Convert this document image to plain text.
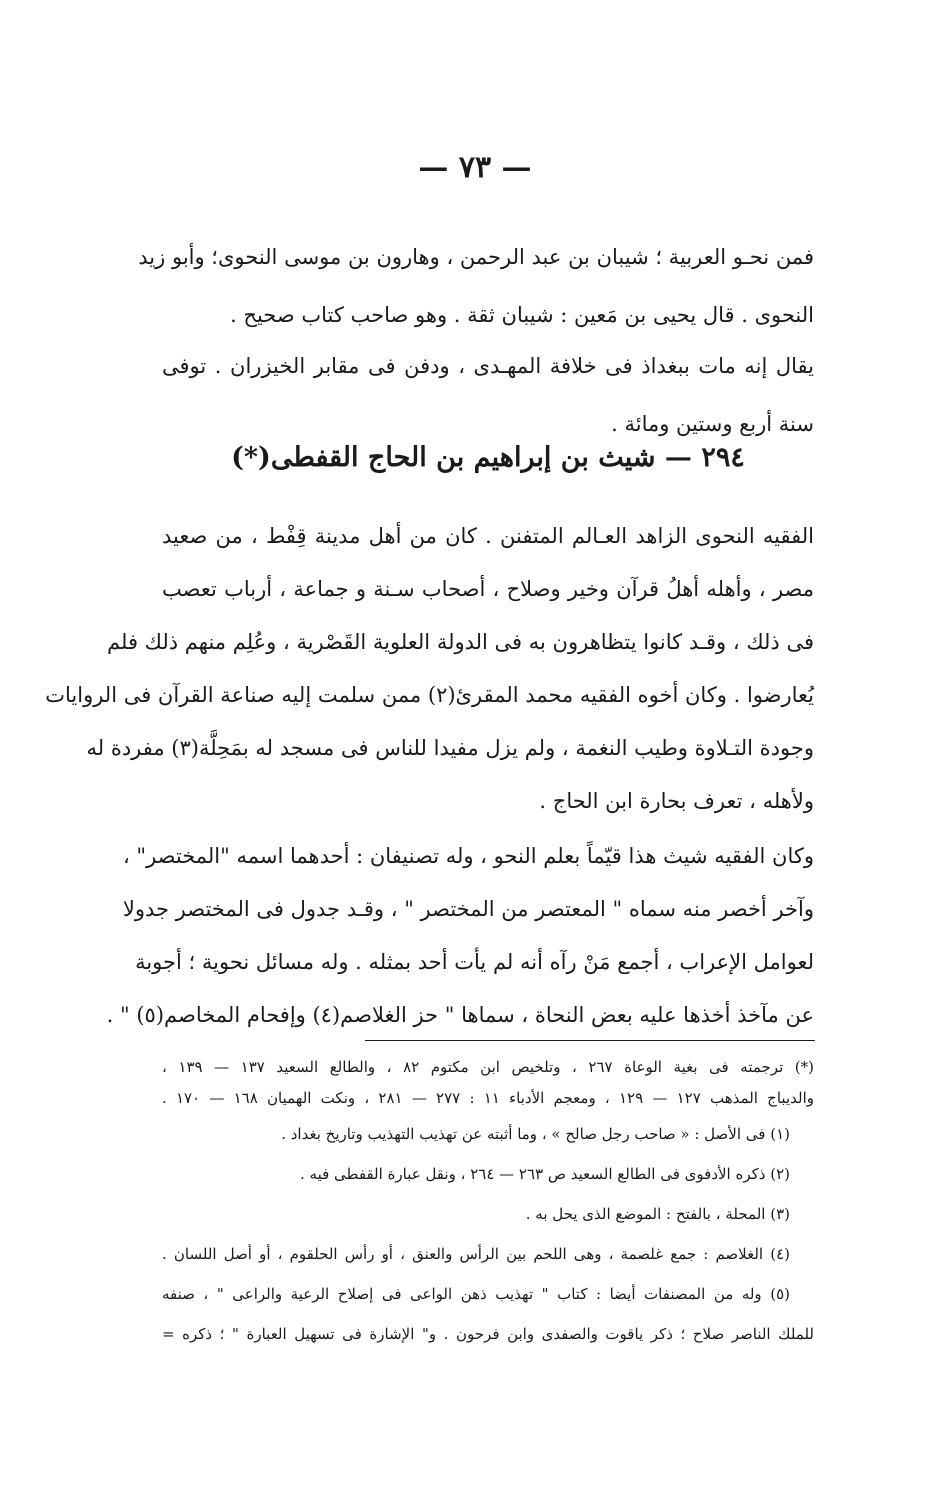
— ٧٣ —
فمن نحـو العربية ؛ شيبان بن عبد الرحمن ، وهارون بن موسى النحوى؛ وأبو زيد
النحوى . قال يحيى بن مَعين : شيبان ثقة . وهو صاحب كتاب صحيح .
يقال إنه مات ببغداذ فى خلافة المهـدى ، ودفن فى مقابر الخيزران . توفى
سنة أربع وستين ومائة .
٢٩٤ — شيث بن إبراهيم بن الحاج القفطى(*)
الفقيه النحوى الزاهد العـالم المتفنن . كان من أهل مدينة قِفْط ، من صعيد
مصر ، وأهله أهلُ قرآن وخير وصلاح ، أصحاب سـنة و جماعة ، أرباب تعصب
فى ذلك ، وقـد كانوا يتظاهرون به فى الدولة العلوية القَصْرية ، وعُلِم منهم ذلك فلم
يُعارضوا . وكان أخوه الفقيه محمد المقرئ(٢) ممن سلمت إليه صناعة القرآن فى الروايات
وجودة التـلاوة وطيب النغمة ، ولم يزل مفيدا للناس فى مسجد له بمَحِلَّة(٣) مفردة له
ولأهله ، تعرف بحارة ابن الحاج .
وكان الفقيه شيث هذا قيّماً بعلم النحو ، وله تصنيفان : أحدهما اسمه "المختصر" ،
وآخر أخصر منه سماه " المعتصر من المختصر " ، وقـد جدول فى المختصر جدولا
لعوامل الإعراب ، أجمع مَنْ رآه أنه لم يأت أحد بمثله . وله مسائل نحوية ؛ أجوبة
عن مآخذ أخذها عليه بعض النحاة ، سماها " حز الغلاصم(٤) وإفحام المخاصم(٥) " .
(*) ترجمته فى بغية الوعاة ٢٦٧ ، وتلخيص ابن مكتوم ٨٢ ، والطالع السعيد ١٣٧ — ١٣٩ ،
والديباج المذهب ١٢٧ — ١٢٩ ، ومعجم الأدباء ١١ : ٢٧٧ — ٢٨١ ، ونكت الهميان ١٦٨ — ١٧٠ .
(١) فى الأصل : « صاحب رجل صالح » ، وما أثبته عن تهذيب التهذيب وتاريخ بغداد .
(٢) ذكره الأدفوى فى الطالع السعيد ص ٢٦٣ — ٢٦٤ ، ونقل عبارة القفطى فيه .
(٣) المحلة ، بالفتح : الموضع الذى يحل به .
(٤) الغلاصم : جمع غلصمة ، وهى اللحم بين الرأس والعنق ، أو رأس الحلقوم ، أو أصل اللسان .
(٥) وله من المصنفات أيضا : كتاب " تهذيب ذهن الواعى فى إصلاح الرعية والراعى " ، صنفه
للملك الناصر صلاح ؛ ذكر ياقوت والصفدى وابن فرحون . و" الإشارة فى تسهيل العبارة " ؛ ذكره =
